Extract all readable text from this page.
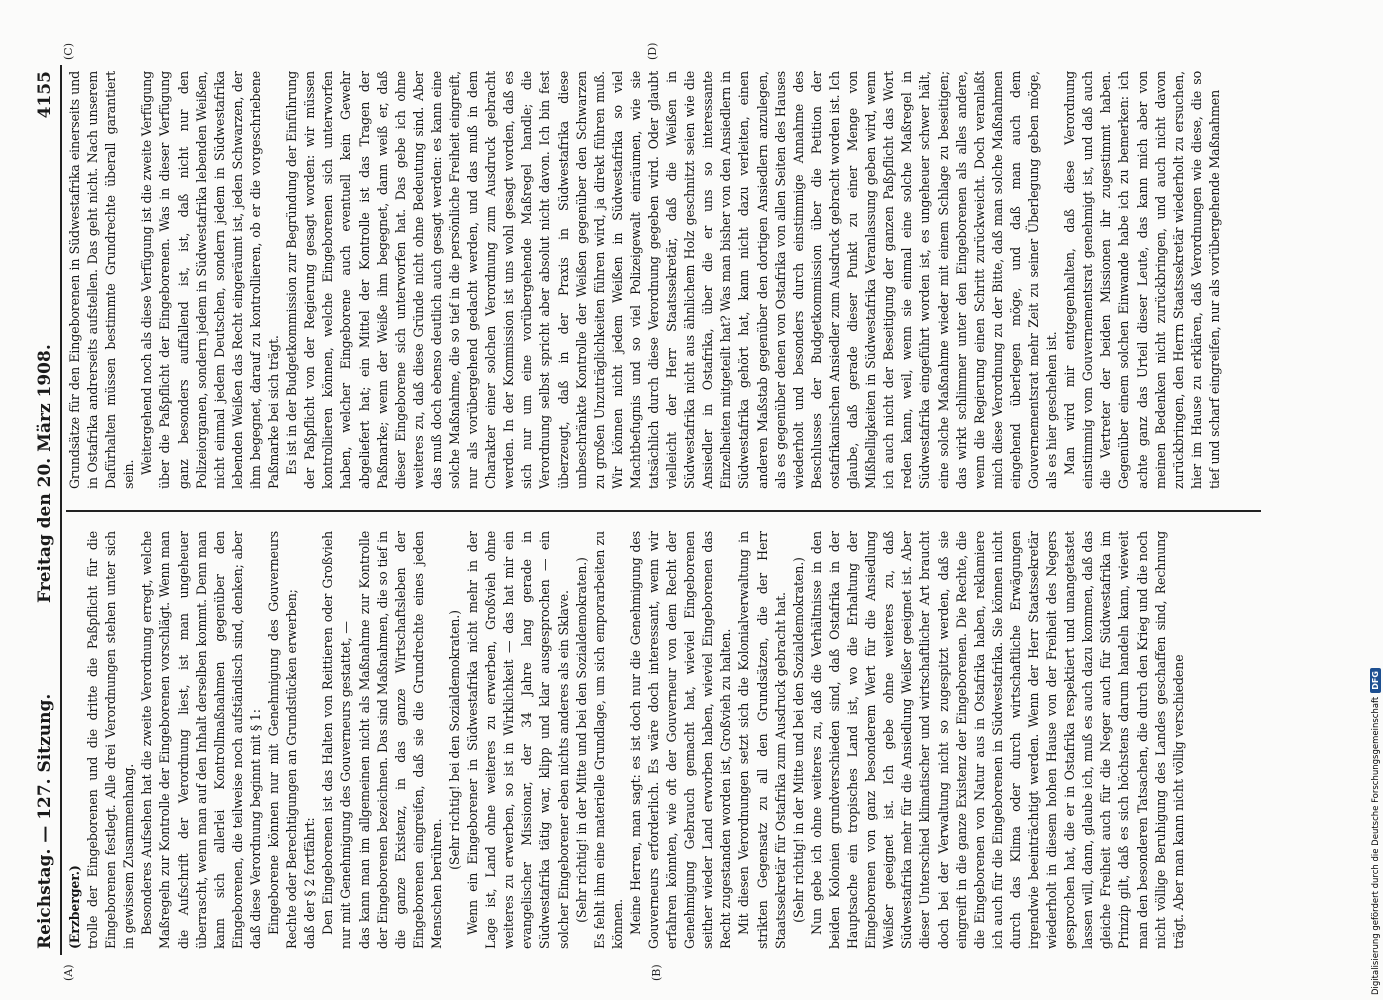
Reichstag. — 127. Sitzung.
Freitag den 20. März 1908.
4155
(A)	(B)
(C)	(D)

(Erzberger.) trolle der Eingeborenen und die dritte die Paßpflicht für die Eingeborenen festlegt. Alle drei Verordnungen stehen unter sich in gewissem Zusammenhang. Besonderes Aufsehen hat die zweite Verordnung erregt, welche Maßregeln zur Kontrolle der Eingeborenen vorschlägt. Wenn man die Aufschrift der Verordnung liest, ist man ungeheuer überrascht, wenn man auf den Inhalt derselben kommt. Denn man kann sich allerlei Kontrollmaßnahmen gegenüber den Eingeborenen, die teilweise noch aufständisch sind, denken; aber daß diese Verordnung beginnt mit § 1: Eingeborene können nur mit Genehmigung des Gouverneurs Rechte oder Berechtigungen an Grundstücken erwerben; daß der § 2 fortfährt: Den Eingeborenen ist das Halten von Reittieren oder Großvieh nur mit Genehmigung des Gouverneurs gestattet, — das kann man im allgemeinen nicht als Maßnahme zur Kontrolle der Eingeborenen bezeichnen. Das sind Maßnahmen, die so tief in die ganze Existenz, in das ganze Wirtschaftsleben der Eingeborenen eingreifen, daß sie die Grundrechte eines jeden Menschen berühren.

(Sehr richtig! bei den Sozialdemokraten.) Wenn ein Eingeborener in Südwestafrika nicht mehr in der Lage ist, Land ohne weiteres zu erwerben, Großvieh ohne weiteres zu erwerben, so ist in Wirklichkeit — das hat mir ein evangelischer Missionar, der 34 Jahre lang gerade in Südwestafrika tätig war, klipp und klar ausgesprochen — ein solcher Eingeborener eben nichts anderes als ein Sklave. (Sehr richtig! in der Mitte und bei den Sozialdemokraten.) Es fehlt ihm eine materielle Grundlage, um sich emporarbeiten zu können. Meine Herren, man sagt: es ist doch nur die Genehmigung des Gouverneurs erforderlich. Es wäre doch interessant, wenn wir erfahren könnten, wie oft der Gouverneur von dem Recht der Genehmigung Gebrauch gemacht hat, wieviel Eingeborenen seither wieder Land erworben haben, wieviel Eingeborenen das Recht zugestanden worden ist, Großvieh zu halten. Mit diesen Verordnungen setzt sich die Kolonialverwaltung in strikten Gegensatz zu all den Grundsätzen, die der Herr Staatssekretär für Ostafrika zum Ausdruck gebracht hat. (Sehr richtig! in der Mitte und bei den Sozialdemokraten.) Nun gebe ich ohne weiteres zu, daß die Verhältnisse in den beiden Kolonien grundverschieden sind, daß Ostafrika in der Hauptsache ein tropisches Land ist, wo die Erhaltung der Eingeborenen von ganz besonderem Wert für die Ansiedlung Weißer geeignet ist. Ich gebe ohne weiteres zu, daß Südwestafrika mehr für die Ansiedlung Weißer geeignet ist. Aber dieser Unterschied klimatischer und wirtschaftlicher Art braucht doch bei der Verwaltung nicht so zugespitzt werden, daß sie eingreift in die ganze Existenz der Eingeborenen. Die Rechte, die die Eingeborenen von Natur aus in Ostafrika haben, reklamiere ich auch für die Eingeborenen in Südwestafrika. Sie können nicht durch das Klima oder durch wirtschaftliche Erwägungen irgendwie beeinträchtigt werden. Wenn der Herr Staatssekretär wiederholt in diesem hohen Hause von der Freiheit des Negers gesprochen hat, die er in Ostafrika respektiert und unangetastet lassen will, dann, glaube ich, muß es auch dazu kommen, daß das gleiche Freiheit auch für die Neger auch für Südwestafrika im Prinzip gilt, daß es sich höchstens darum handeln kann, wieweit man den besonderen Tatsachen, die durch den Krieg und die noch nicht völlige Beruhigung des Landes geschaffen sind, Rechnung trägt. Aber man kann nicht völlig verschiedene

Grundsätze für den Eingeborenen in Südwestafrika einerseits und in Ostafrika andrerseits aufstellen. Das geht nicht. Nach unserem Dafürhalten müssen bestimmte Grundrechte überall garantiert sein. Weitergehend noch als diese Verfügung ist die zweite Verfügung über die Paßpflicht der Eingeborenen. Was in dieser Verfügung ganz besonders auffallend ist, ist, daß nicht nur den Polizeiorganen, sondern jedem in Südwestafrika lebenden Weißen, nicht einmal jedem Deutschen, sondern jedem in Südwestafrika lebenden Weißen das Recht eingeräumt ist, jeden Schwarzen, der ihm begegnet, darauf zu kontrollieren, ob er die vorgeschriebene Paßmarke bei sich trägt. Es ist in der Budgetkommission zur Begründung der Einführung der Paßpflicht von der Regierung gesagt worden: wir müssen kontrollieren können, welche Eingeborenen sich unterworfen haben, welcher Eingeborene auch eventuell kein Gewehr abgeliefert hat; ein Mittel der Kontrolle ist das Tragen der Paßmarke; wenn der Weiße ihm begegnet, dann weiß er, daß dieser Eingeborene sich unterworfen hat. Das gebe ich ohne weiteres zu, daß diese Gründe nicht ohne Bedeutung sind. Aber das muß doch ebenso deutlich auch gesagt werden: es kann eine solche Maßnahme, die so tief in die persönliche Freiheit eingreift, nur als vorübergehend gedacht werden, und das muß in dem Charakter einer solchen Verordnung zum Ausdruck gebracht werden. In der Kommission ist uns wohl gesagt worden, daß es sich nur um eine vorübergehende Maßregel handle; die Verordnung selbst spricht aber absolut nicht davon. Ich bin fest überzeugt, daß in der Praxis in Südwestafrika diese unbeschränkte Kontrolle der Weißen gegenüber den Schwarzen zu großen Unzuträglichkeiten führen wird, ja direkt führen muß. Wir können nicht jedem Weißen in Südwestafrika so viel Machtbefugnis und so viel Polizeigewalt einräumen, wie sie tatsächlich durch diese Verordnung gegeben wird. Oder glaubt vielleicht der Herr Staatssekretär, daß die Weißen in Südwestafrika nicht aus ähnlichem Holz geschnitzt seien wie die Ansiedler in Ostafrika, über die er uns so interessante Einzelheiten mitgeteilt hat? Was man bisher von den Ansiedlern in Südwestafrika gehört hat, kann nicht dazu verleiten, einen anderen Maßstab gegenüber den dortigen Ansiedlern anzulegen, als es gegenüber denen von Ostafrika von allen Seiten des Hauses wiederholt und besonders durch einstimmige Annahme des Beschlusses der Budgetkommission über die Petition der ostafrikanischen Ansiedler zum Ausdruck gebracht worden ist. Ich glaube, daß gerade dieser Punkt zu einer Menge von Mißhelligkeiten in Südwestafrika Veranlassung geben wird, wenn ich auch nicht der Beseitigung der ganzen Paßpflicht das Wort reden kann, weil, wenn sie einmal eine solche Maßregel in Südwestafrika eingeführt worden ist, es ungeheuer schwer hält, eine solche Maßnahme wieder mit einem Schlage zu beseitigen; das wirkt schlimmer unter den Eingeborenen als alles andere, wenn die Regierung einen Schritt zurückweicht. Doch veranlaßt mich diese Verordnung zu der Bitte, daß man solche Maßnahmen eingehend überlegen möge, und daß man auch dem Gouvernementsrat mehr Zeit zu seiner Überlegung geben möge, als es hier geschehen ist. Man wird mir entgegenhalten, daß diese Verordnung einstimmig vom Gouvernementsrat genehmigt ist, und daß auch die Vertreter der beiden Missionen ihr zugestimmt haben. Gegenüber einem solchen Einwande habe ich zu bemerken: ich achte ganz das Urteil dieser Leute, das kann mich aber von meinen Bedenken nicht zurückbringen, und auch nicht davon zurückbringen, den Herrn Staatssekretär wiederholt zu ersuchen, hier im Hause zu erklären, daß Verordnungen wie diese, die so tief und scharf eingreifen, nur als vorübergehende Maßnahmen

Digitalisierung gefördert durch die Deutsche Forschungsgemeinschaft
DFG
